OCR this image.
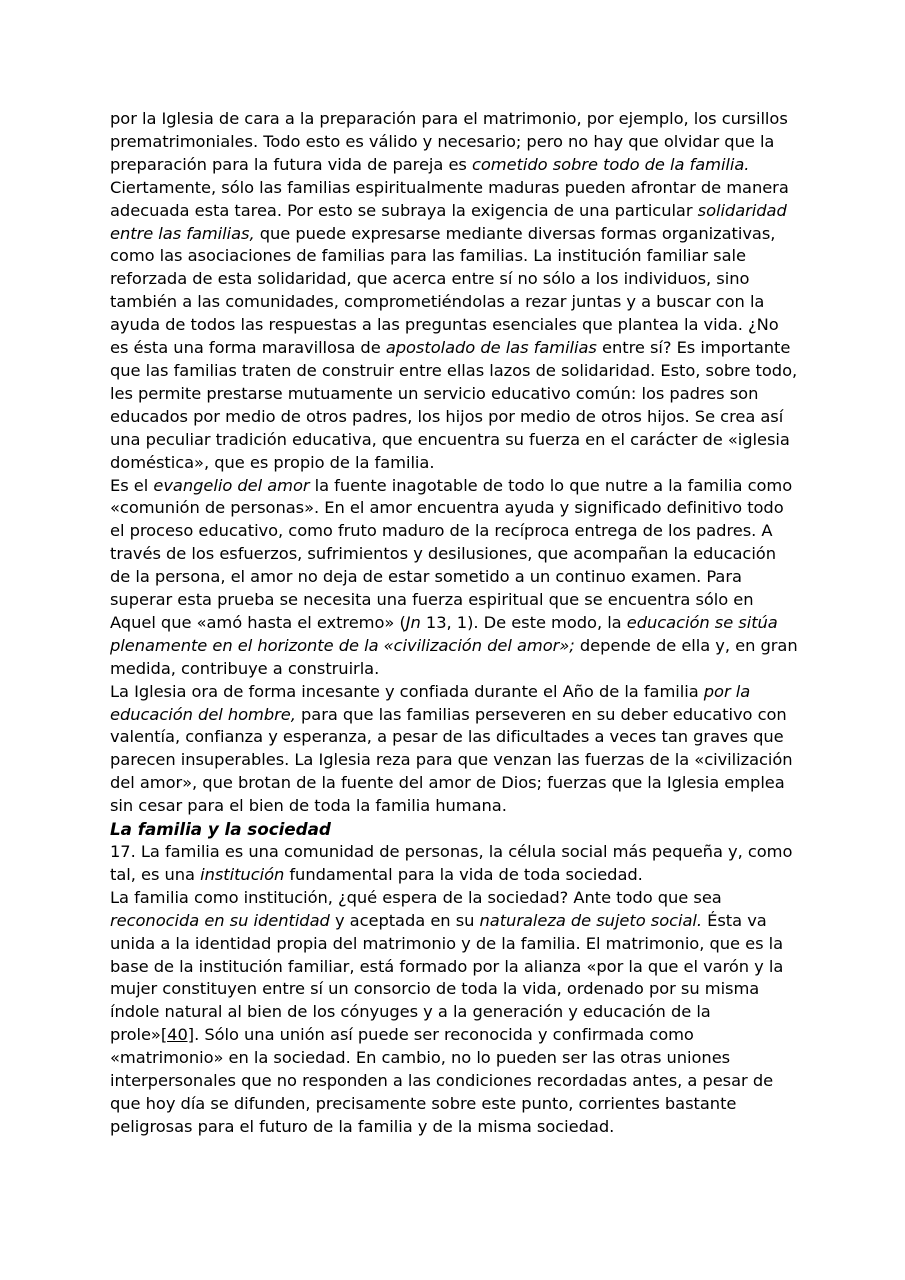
por la Iglesia de cara a la preparación para el matrimonio, por ejemplo, los cursillos prematrimoniales. Todo esto es válido y necesario; pero no hay que olvidar que la preparación para la futura vida de pareja es cometido sobre todo de la familia. Ciertamente, sólo las familias espiritualmente maduras pueden afrontar de manera adecuada esta tarea. Por esto se subraya la exigencia de una particular solidaridad entre las familias, que puede expresarse mediante diversas formas organizativas, como las asociaciones de familias para las familias. La institución familiar sale reforzada de esta solidaridad, que acerca entre sí no sólo a los individuos, sino también a las comunidades, comprometiéndolas a rezar juntas y a buscar con la ayuda de todos las respuestas a las preguntas esenciales que plantea la vida. ¿No es ésta una forma maravillosa de apostolado de las familias entre sí? Es importante que las familias traten de construir entre ellas lazos de solidaridad. Esto, sobre todo, les permite prestarse mutuamente un servicio educativo común: los padres son educados por medio de otros padres, los hijos por medio de otros hijos. Se crea así una peculiar tradición educativa, que encuentra su fuerza en el carácter de «iglesia doméstica», que es propio de la familia.

Es el evangelio del amor la fuente inagotable de todo lo que nutre a la familia como «comunión de personas». En el amor encuentra ayuda y significado definitivo todo el proceso educativo, como fruto maduro de la recíproca entrega de los padres. A través de los esfuerzos, sufrimientos y desilusiones, que acompañan la educación de la persona, el amor no deja de estar sometido a un continuo examen. Para superar esta prueba se necesita una fuerza espiritual que se encuentra sólo en Aquel que «amó hasta el extremo» (Jn 13, 1). De este modo, la educación se sitúa plenamente en el horizonte de la «civilización del amor»; depende de ella y, en gran medida, contribuye a construirla.

La Iglesia ora de forma incesante y confiada durante el Año de la familia por la educación del hombre, para que las familias perseveren en su deber educativo con valentía, confianza y esperanza, a pesar de las dificultades a veces tan graves que parecen insuperables. La Iglesia reza para que venzan las fuerzas de la «civilización del amor», que brotan de la fuente del amor de Dios; fuerzas que la Iglesia emplea sin cesar para el bien de toda la familia humana.

La familia y la sociedad

17. La familia es una comunidad de personas, la célula social más pequeña y, como tal, es una institución fundamental para la vida de toda sociedad.

La familia como institución, ¿qué espera de la sociedad? Ante todo que sea reconocida en su identidad y aceptada en su naturaleza de sujeto social. Ésta va unida a la identidad propia del matrimonio y de la familia. El matrimonio, que es la base de la institución familiar, está formado por la alianza «por la que el varón y la mujer constituyen entre sí un consorcio de toda la vida, ordenado por su misma índole natural al bien de los cónyuges y a la generación y educación de la prole»[40]. Sólo una unión así puede ser reconocida y confirmada como «matrimonio» en la sociedad. En cambio, no lo pueden ser las otras uniones interpersonales que no responden a las condiciones recordadas antes, a pesar de que hoy día se difunden, precisamente sobre este punto, corrientes bastante peligrosas para el futuro de la familia y de la misma sociedad.
